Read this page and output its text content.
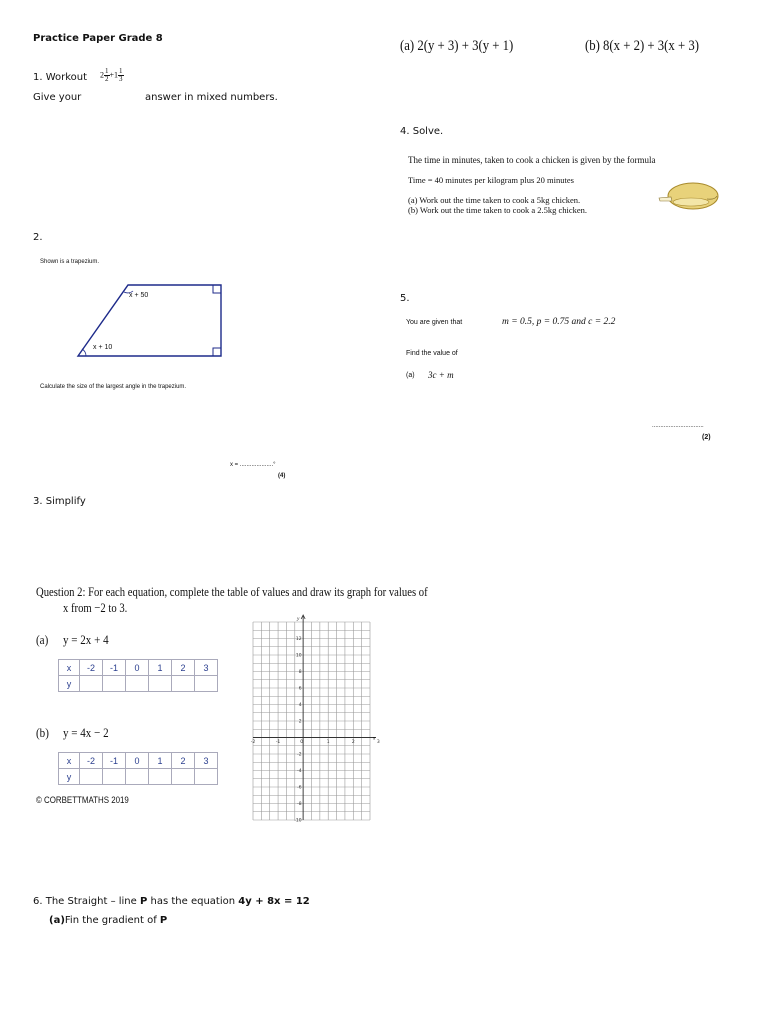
Practice Paper Grade 8
1. Workout $2 \frac{1}{2} +1 \frac{1}{3}$
Give your	answer in mixed numbers.
2.
Shown is a trapezium.
x + 50
x + 10
Calculate the size of the largest angle in the trapezium.
x = ....................°
(4)
3. Simplify
(a) 2(y + 3) + 3(y + 1)	(b) 8(x + 2) + 3(x + 3)
4. Solve.
The time in minutes, taken to cook a chicken is given by the formula
Time = 40 minutes per kilogram plus 20 minutes
(a) Work out the time taken to cook a 5kg chicken.
(b) Work out the time taken to cook a 2.5kg chicken.
5.
You are given that	m = 0.5, p = 0.75 and c = 2.2
Find the value of
(a) 3c + m
...............................
(2)
Question 2: For each equation, complete the table of values and draw its graph for values of
x from −2 to 3.
(a) y = 2x + 4
x	-2	-1	0	1	2	3
y						
(b) y = 4x − 2
x	-2	-1	0	1	2	3
y						
© CORBETTMATHS 2019
y
x
12
10
8
6
4
2
-2
-4
-6
-8
-10
-2	-1	0	1	2	3
6. The Straight – line P has the equation 4y + 8x = 12
(a)Fin the gradient of P
